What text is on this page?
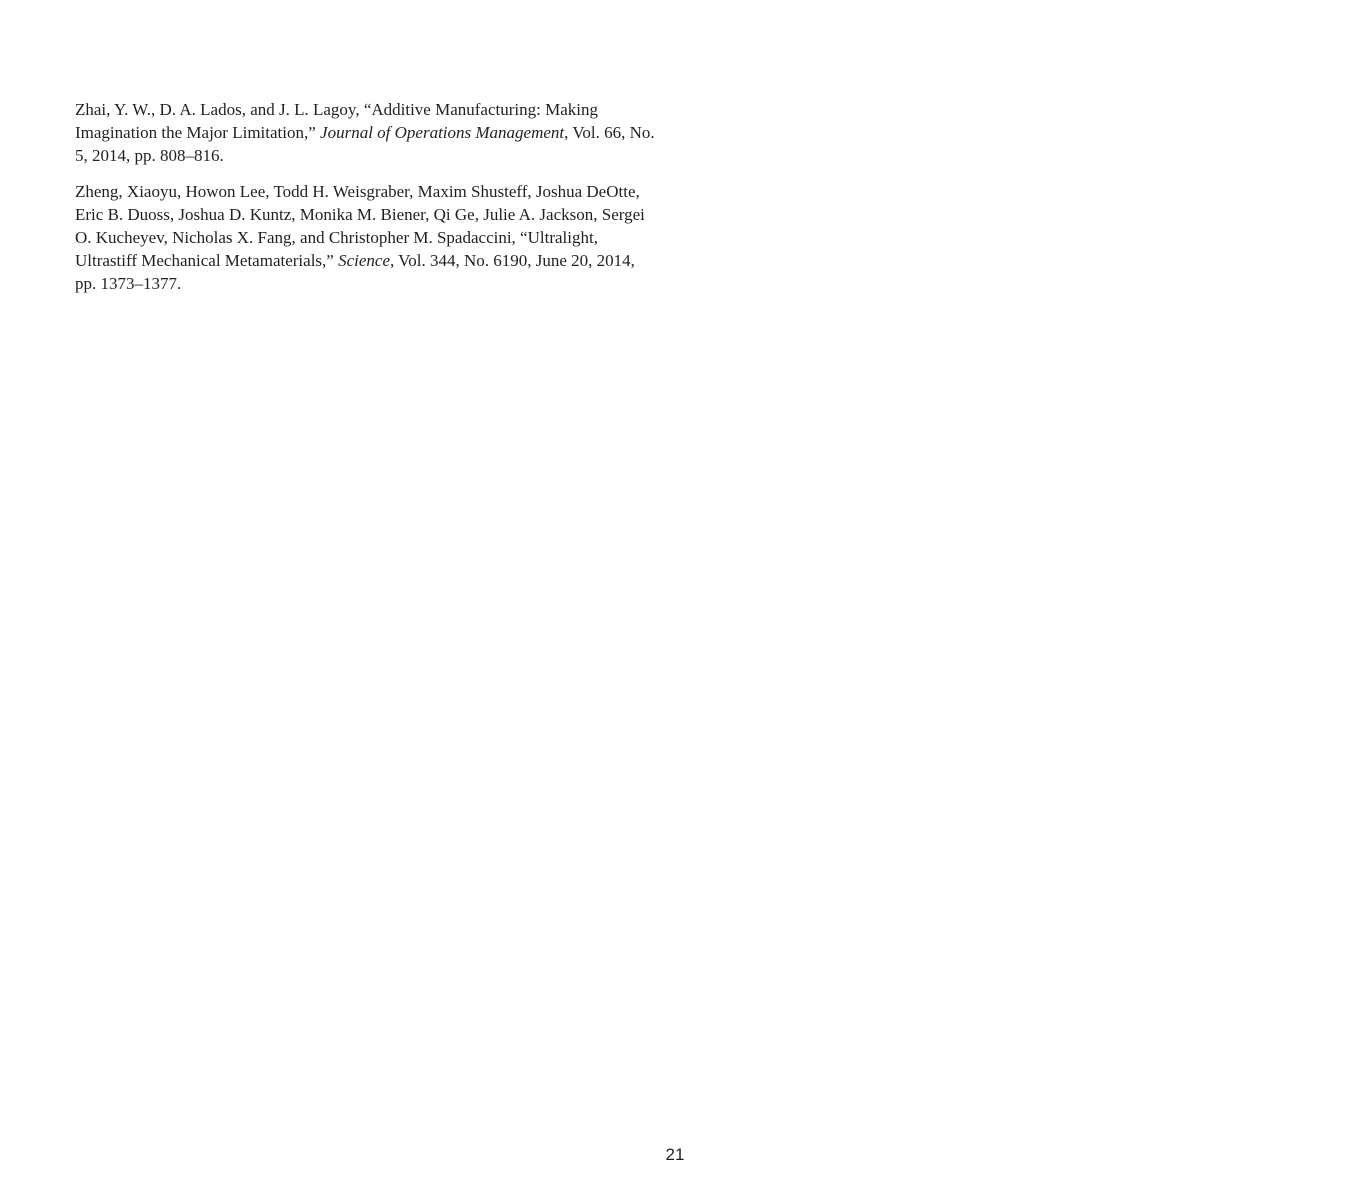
Zhai, Y. W., D. A. Lados, and J. L. Lagoy, “Additive Manufacturing: Making Imagination the Major Limitation,” Journal of Operations Management, Vol. 66, No. 5, 2014, pp. 808–816.

Zheng, Xiaoyu, Howon Lee, Todd H. Weisgraber, Maxim Shusteff, Joshua DeOtte, Eric B. Duoss, Joshua D. Kuntz, Monika M. Biener, Qi Ge, Julie A. Jackson, Sergei O. Kucheyev, Nicholas X. Fang, and Christopher M. Spadaccini, “Ultralight, Ultrastiff Mechanical Metamaterials,” Science, Vol. 344, No. 6190, June 20, 2014, pp. 1373–1377.

21
